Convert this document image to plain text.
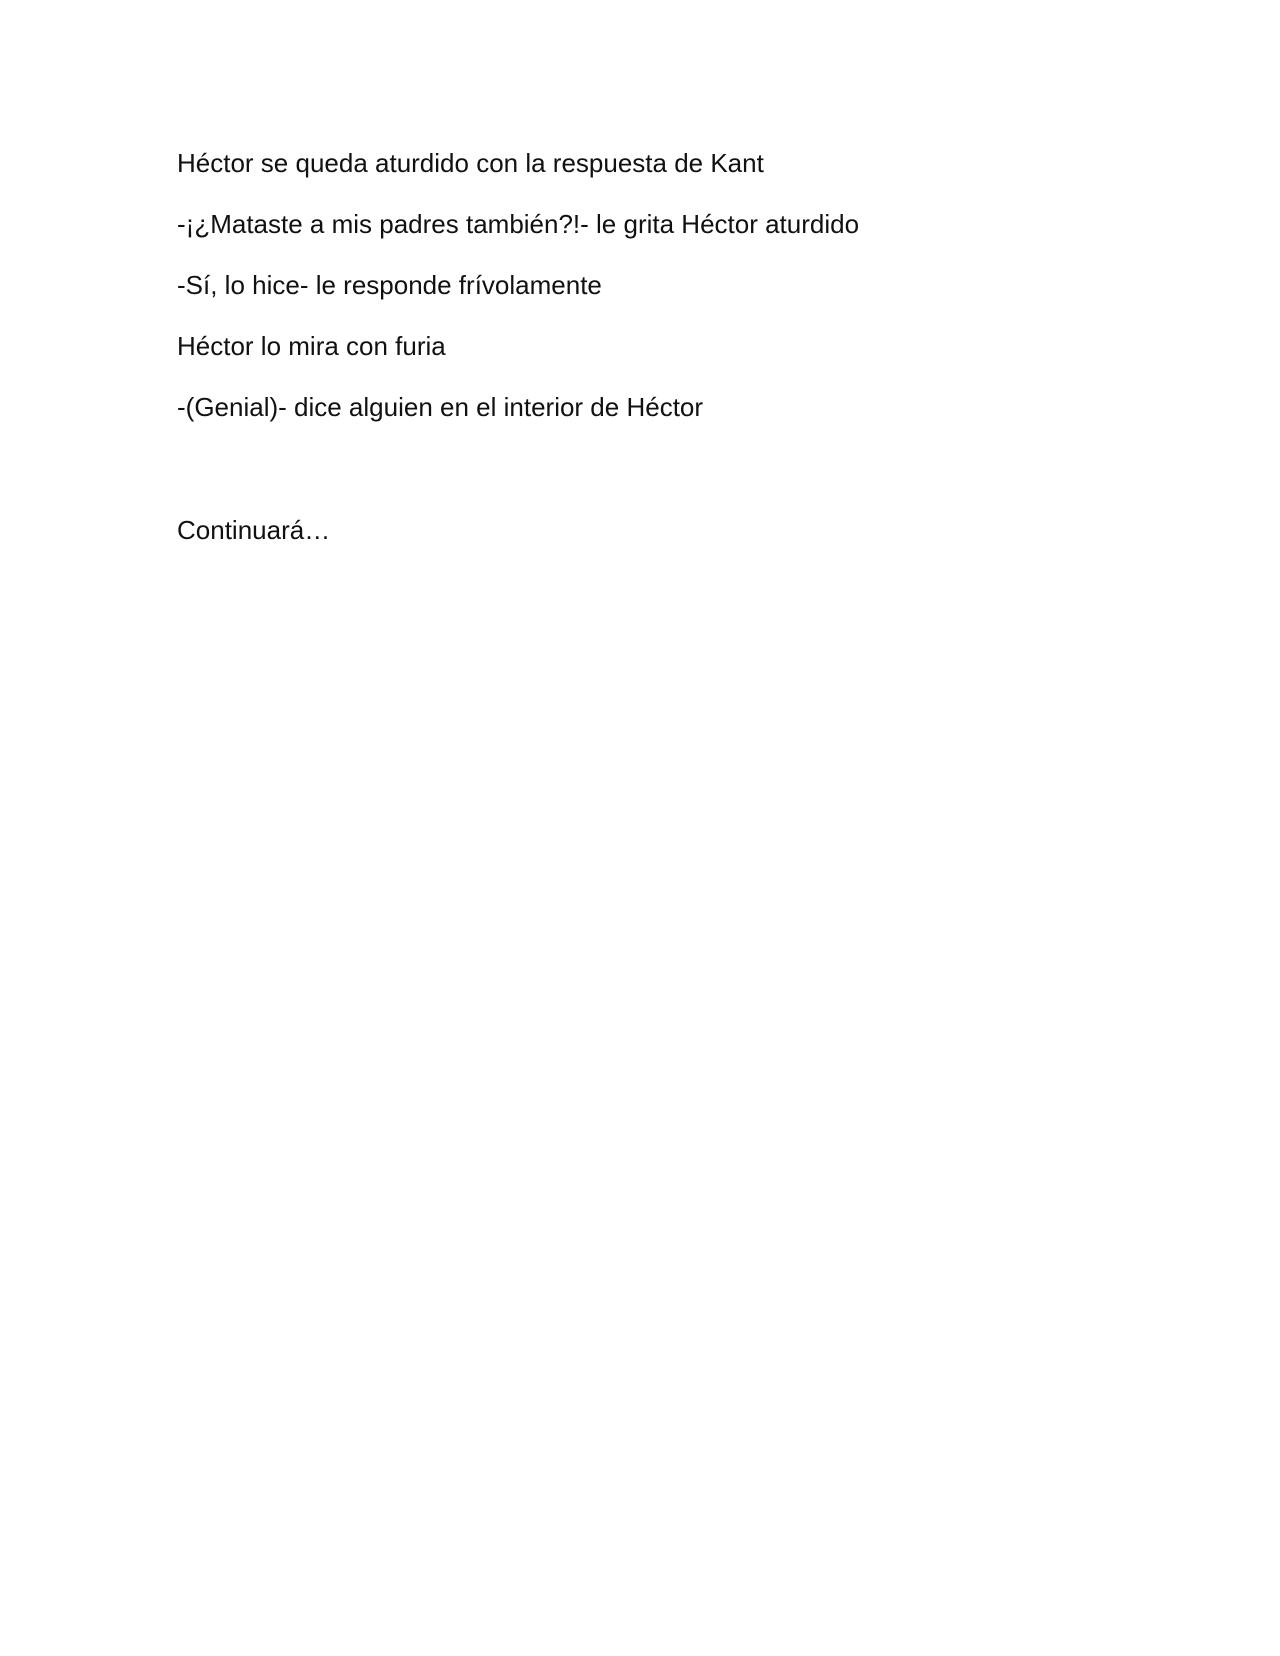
Héctor se queda aturdido con la respuesta de Kant

-¡¿Mataste a mis padres también?!- le grita Héctor aturdido

-Sí, lo hice- le responde frívolamente

Héctor lo mira con furia

-(Genial)- dice alguien en el interior de Héctor

Continuará…
